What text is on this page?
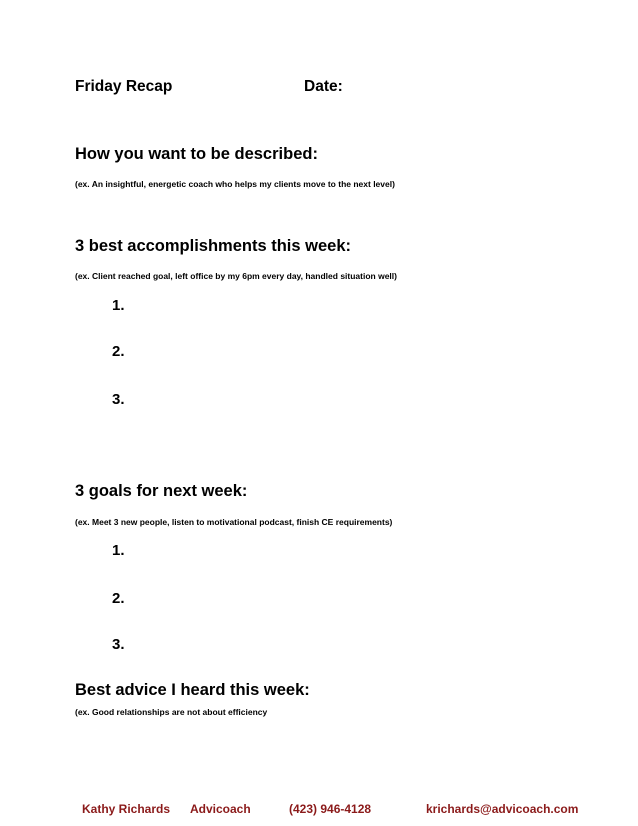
Friday Recap	Date:
How you want to be described:
(ex. An insightful, energetic coach who helps my clients move to the next level)
3 best accomplishments this week:
(ex. Client reached goal, left office by my 6pm every day, handled situation well)
1.
2.
3.
3 goals for next week:
(ex. Meet 3 new people, listen to motivational podcast, finish CE requirements)
1.
2.
3.
Best advice I heard this week:
(ex. Good relationships are not about efficiency
Kathy Richards Advicoach	(423) 946-4128	krichards@advicoach.com
